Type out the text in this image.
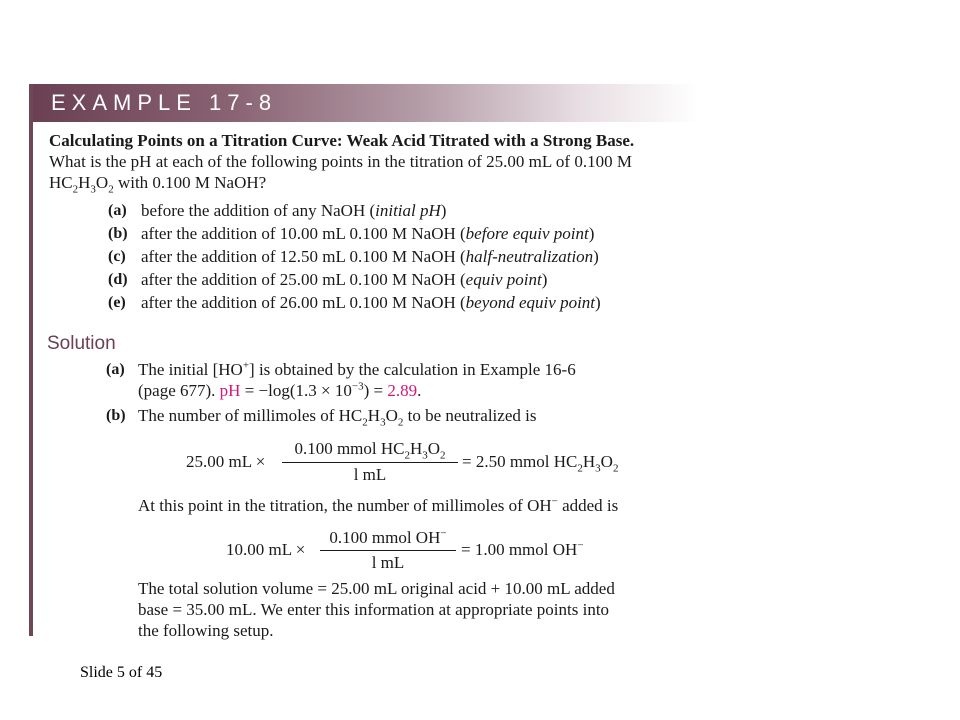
EXAMPLE 17-8
Calculating Points on a Titration Curve: Weak Acid Titrated with a Strong Base.
What is the pH at each of the following points in the titration of 25.00 mL of 0.100 M
$HC_2H_3O_2$ with 0.100 M NaOH?
(a) before the addition of any NaOH (initial pH)
(b) after the addition of 10.00 mL 0.100 M NaOH (before equiv point)
(c) after the addition of 12.50 mL 0.100 M NaOH (half-neutralization)
(d) after the addition of 25.00 mL 0.100 M NaOH (equiv point)
(e) after the addition of 26.00 mL 0.100 M NaOH (beyond equiv point)
Solution
(a) The initial [HO+] is obtained by the calculation in Example 16-6
(page 677). pH = $-\log(1.3 \times 10^{-3}) = 2.89$.
(b) The number of millimoles of $HC_2H_3O_2$ to be neutralized is
25.00 mL ×
0.100 mmol $HC_2H_3O_2$
l mL
= 2.50 mmol $HC_2H_3O_2$
At this point in the titration, the number of millimoles of OH− added is
10.00 mL ×
0.100 mmol OH−
l mL
= 1.00 mmol OH−
The total solution volume = 25.00 mL original acid + 10.00 mL added
base = 35.00 mL. We enter this information at appropriate points into
the following setup.
Slide 5 of 45
